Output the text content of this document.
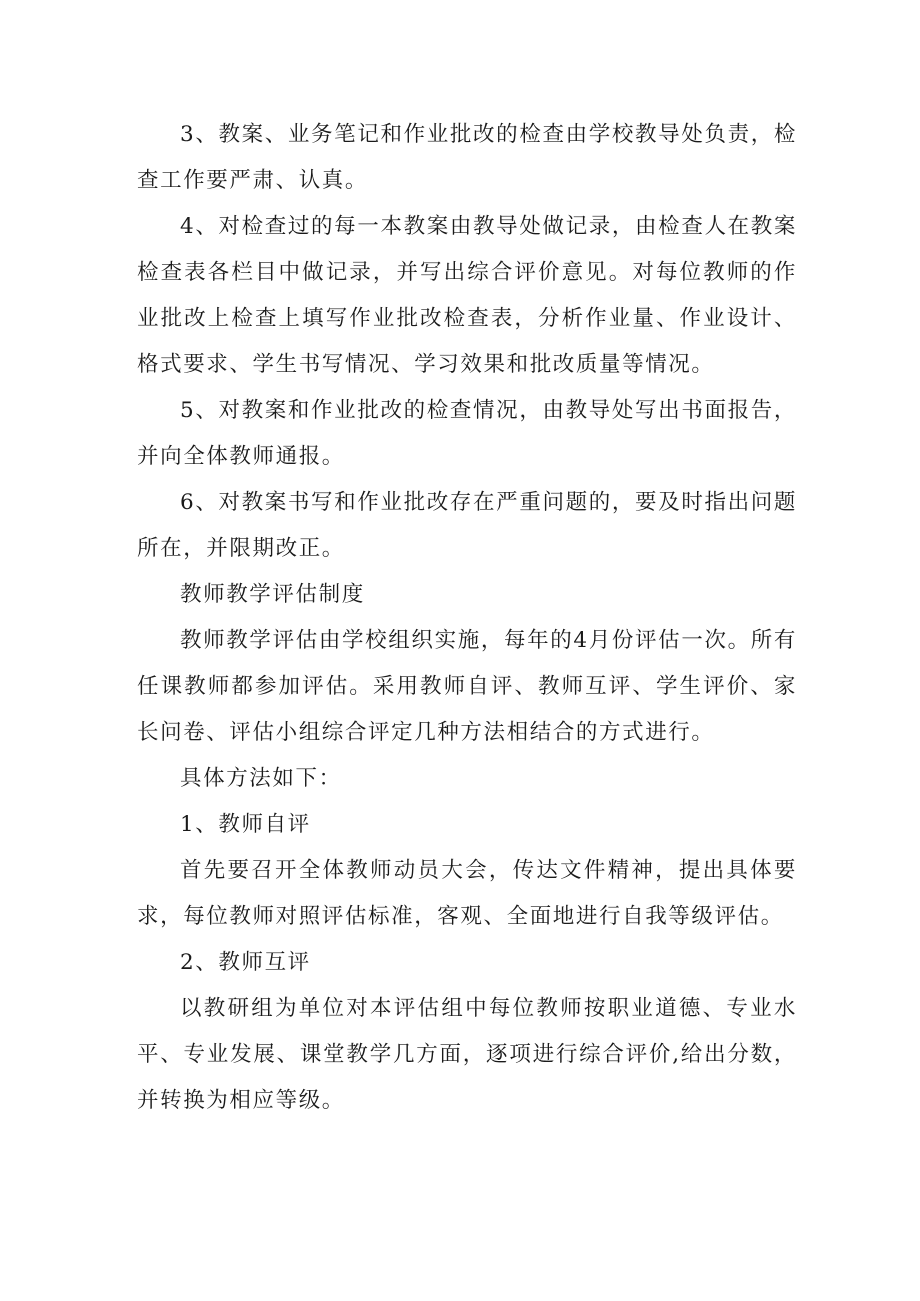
3、教案、业务笔记和作业批改的检查由学校教导处负责，检查工作要严肃、认真。

4、对检查过的每一本教案由教导处做记录，由检查人在教案检查表各栏目中做记录，并写出综合评价意见。对每位教师的作业批改上检查上填写作业批改检查表，分析作业量、作业设计、格式要求、学生书写情况、学习效果和批改质量等情况。

5、对教案和作业批改的检查情况，由教导处写出书面报告，并向全体教师通报。

6、对教案书写和作业批改存在严重问题的，要及时指出问题所在，并限期改正。

教师教学评估制度

教师教学评估由学校组织实施，每年的4月份评估一次。所有任课教师都参加评估。采用教师自评、教师互评、学生评价、家长问卷、评估小组综合评定几种方法相结合的方式进行。

具体方法如下：

1、教师自评

首先要召开全体教师动员大会，传达文件精神，提出具体要求，每位教师对照评估标准，客观、全面地进行自我等级评估。

2、教师互评

以教研组为单位对本评估组中每位教师按职业道德、专业水平、专业发展、课堂教学几方面，逐项进行综合评价,给出分数，并转换为相应等级。
